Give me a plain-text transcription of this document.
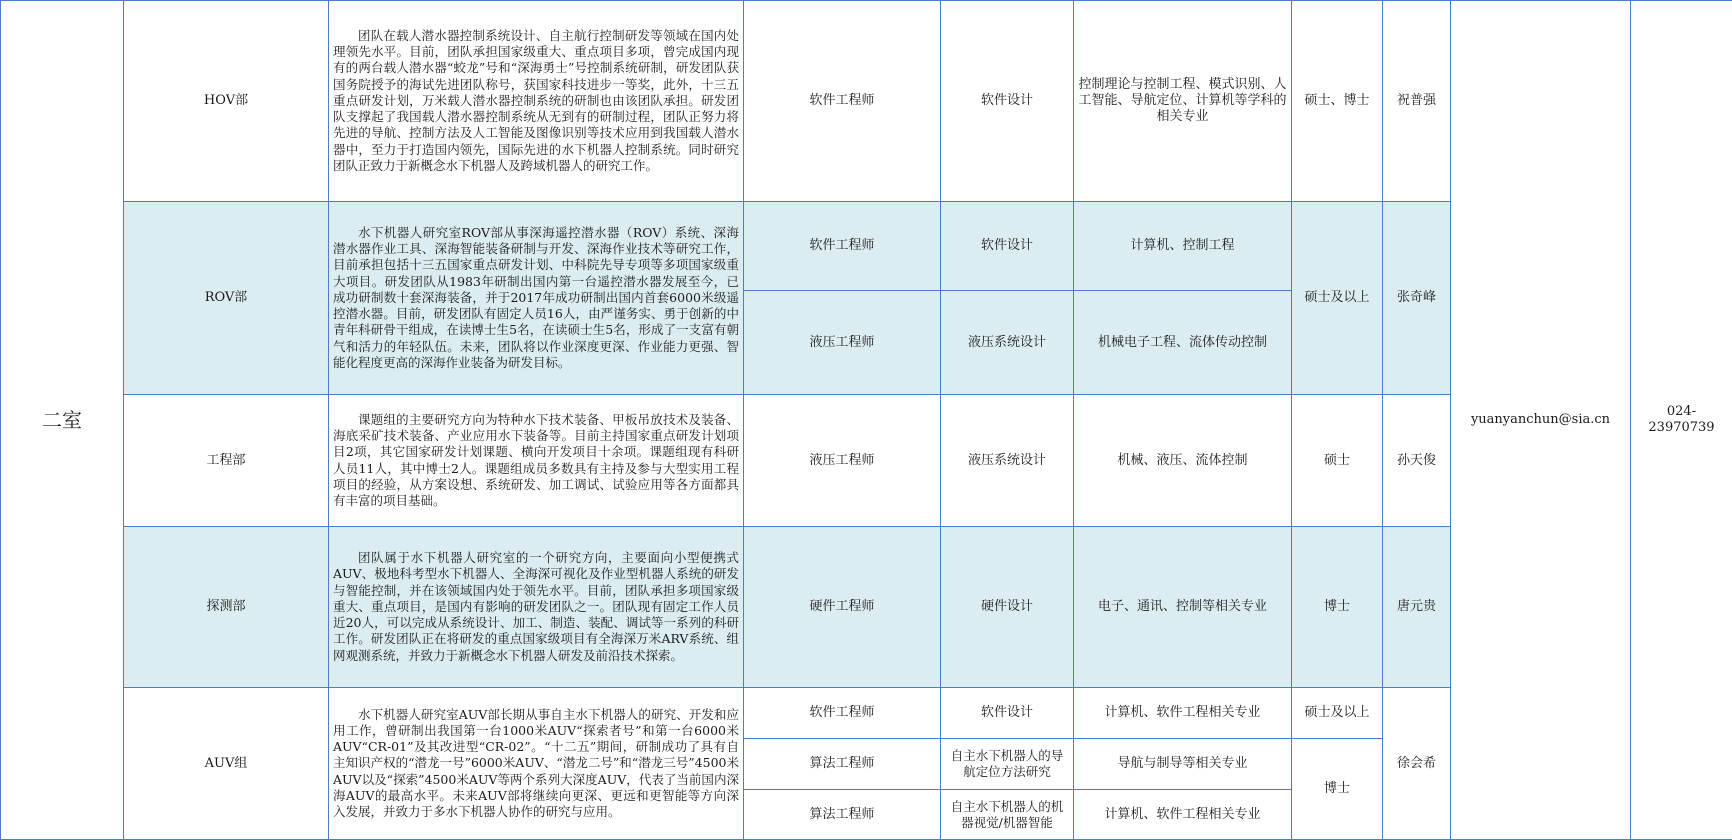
二室	HOV部	团队在载人潜水器控制系统设计、自主航行控制研发等领域在国内处理领先水平。目前，团队承担国家级重大、重点项目多项，曾完成国内现有的两台载人潜水器“蛟龙”号和“深海勇士”号控制系统研制，研发团队获国务院授予的海试先进团队称号，获国家科技进步一等奖，此外，十三五重点研发计划，万米载人潜水器控制系统的研制也由该团队承担。研发团队支撑起了我国载人潜水器控制系统从无到有的研制过程，团队正努力将先进的导航、控制方法及人工智能及图像识别等技术应用到我国载人潜水器中，至力于打造国内领先，国际先进的水下机器人控制系统。同时研究团队正致力于新概念水下机器人及跨域机器人的研究工作。	软件工程师	软件设计	控制理论与控制工程、模式识别、人工智能、导航定位、计算机等学科的相关专业	硕士、博士	祝普强	yuanyanchun@sia.cn	024-23970739
	ROV部	水下机器人研究室ROV部从事深海遥控潜水器（ROV）系统、深海潜水器作业工具、深海智能装备研制与开发、深海作业技术等研究工作，目前承担包括十三五国家重点研发计划、中科院先导专项等多项国家级重大项目。研发团队从1983年研制出国内第一台遥控潜水器发展至今，已成功研制数十套深海装备，并于2017年成功研制出国内首套6000米级遥控潜水器。目前，研发团队有固定人员16人，由严谨务实、勇于创新的中青年科研骨干组成，在读博士生5名，在读硕士生5名，形成了一支富有朝气和活力的年轻队伍。未来，团队将以作业深度更深、作业能力更强、智能化程度更高的深海作业装备为研发目标。	软件工程师	软件设计	计算机、控制工程	硕士及以上	张奇峰		
			液压工程师	液压系统设计	机械电子工程、流体传动控制				
	工程部	课题组的主要研究方向为特种水下技术装备、甲板吊放技术及装备、海底采矿技术装备、产业应用水下装备等。目前主持国家重点研发计划项目2项，其它国家研发计划课题、横向开发项目十余项。课题组现有科研人员11人，其中博士2人。课题组成员多数具有主持及参与大型实用工程项目的经验，从方案设想、系统研发、加工调试、试验应用等各方面都具有丰富的项目基础。	液压工程师	液压系统设计	机械、液压、流体控制	硕士	孙天俊		
	探测部	团队属于水下机器人研究室的一个研究方向，主要面向小型便携式AUV、极地科考型水下机器人、全海深可视化及作业型机器人系统的研发与智能控制，并在该领域国内处于领先水平。目前，团队承担多项国家级重大、重点项目，是国内有影响的研发团队之一。团队现有固定工作人员近20人，可以完成从系统设计、加工、制造、装配、调试等一系列的科研工作。研发团队正在将研发的重点国家级项目有全海深万米ARV系统、组网观测系统，并致力于新概念水下机器人研发及前沿技术探索。	硬件工程师	硬件设计	电子、通讯、控制等相关专业	博士	唐元贵		
	AUV组	水下机器人研究室AUV部长期从事自主水下机器人的研究、开发和应用工作，曾研制出我国第一台1000米AUV“探索者号”和第一台6000米AUV“CR-01”及其改进型“CR-02”。“十二五”期间，研制成功了具有自主知识产权的“潜龙一号”6000米AUV、“潜龙二号”和“潜龙三号”4500米AUV以及“探索”4500米AUV等两个系列大深度AUV，代表了当前国内深海AUV的最高水平。未来AUV部将继续向更深、更远和更智能等方向深入发展，并致力于多水下机器人协作的研究与应用。	软件工程师	软件设计	计算机、软件工程相关专业	硕士及以上	徐会希		
			算法工程师	自主水下机器人的导航定位方法研究	导航与制导等相关专业	博士			
			算法工程师	自主水下机器人的机器视觉/机器智能	计算机、软件工程相关专业				
